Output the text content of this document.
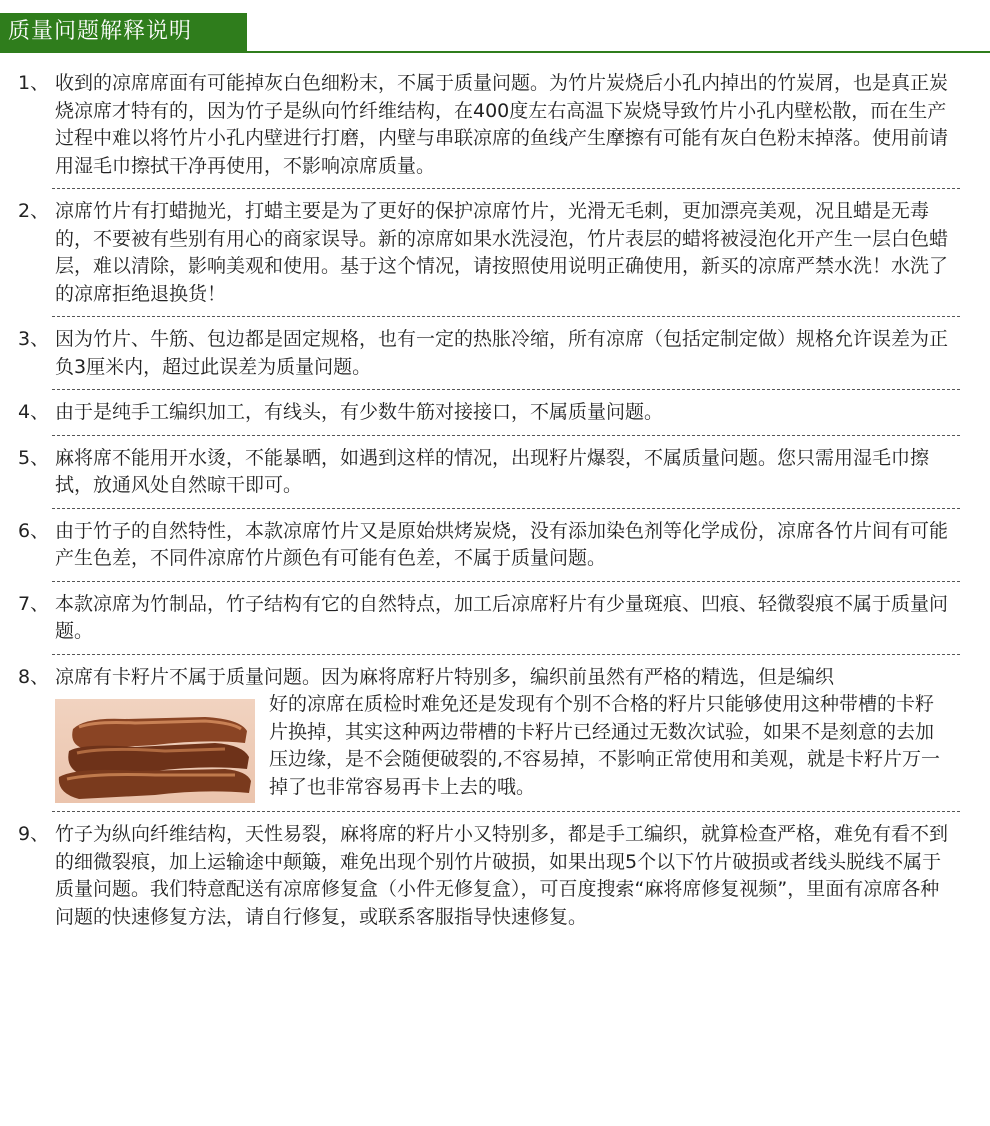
质量问题解释说明
1、 收到的凉席席面有可能掉灰白色细粉末，不属于质量问题。为竹片炭烧后小孔内掉出的竹炭屑，也是真正炭烧凉席才特有的，因为竹子是纵向竹纤维结构，在400度左右高温下炭烧导致竹片小孔内壁松散，而在生产过程中难以将竹片小孔内壁进行打磨，内壁与串联凉席的鱼线产生摩擦有可能有灰白色粉末掉落。使用前请用湿毛巾擦拭干净再使用，不影响凉席质量。
2、 凉席竹片有打蜡抛光，打蜡主要是为了更好的保护凉席竹片，光滑无毛刺，更加漂亮美观，况且蜡是无毒的，不要被有些别有用心的商家误导。新的凉席如果水洗浸泡，竹片表层的蜡将被浸泡化开产生一层白色蜡层，难以清除，影响美观和使用。基于这个情况，请按照使用说明正确使用，新买的凉席严禁水洗！水洗了的凉席拒绝退换货！
3、 因为竹片、牛筋、包边都是固定规格，也有一定的热胀冷缩，所有凉席（包括定制定做）规格允许误差为正负3厘米内，超过此误差为质量问题。
4、 由于是纯手工编织加工，有线头，有少数牛筋对接接口，不属质量问题。
5、 麻将席不能用开水烫，不能暴晒，如遇到这样的情况，出现籽片爆裂，不属质量问题。您只需用湿毛巾擦拭，放通风处自然晾干即可。
6、 由于竹子的自然特性，本款凉席竹片又是原始烘烤炭烧，没有添加染色剂等化学成份，凉席各竹片间有可能产生色差，不同件凉席竹片颜色有可能有色差，不属于质量问题。
7、 本款凉席为竹制品，竹子结构有它的自然特点，加工后凉席籽片有少量斑痕、凹痕、轻微裂痕不属于质量问题。
8、 凉席有卡籽片不属于质量问题。因为麻将席籽片特别多，编织前虽然有严格的精选，但是编织
好的凉席在质检时难免还是发现有个别不合格的籽片只能够使用这种带槽的卡籽片换掉，其实这种两边带槽的卡籽片已经通过无数次试验，如果不是刻意的去加压边缘，是不会随便破裂的,不容易掉，不影响正常使用和美观，就是卡籽片万一掉了也非常容易再卡上去的哦。
9、 竹子为纵向纤维结构，天性易裂，麻将席的籽片小又特别多，都是手工编织，就算检查严格，难免有看不到的细微裂痕，加上运输途中颠簸，难免出现个别竹片破损，如果出现5个以下竹片破损或者线头脱线不属于质量问题。我们特意配送有凉席修复盒（小件无修复盒），可百度搜索“麻将席修复视频”，里面有凉席各种问题的快速修复方法，请自行修复，或联系客服指导快速修复。
